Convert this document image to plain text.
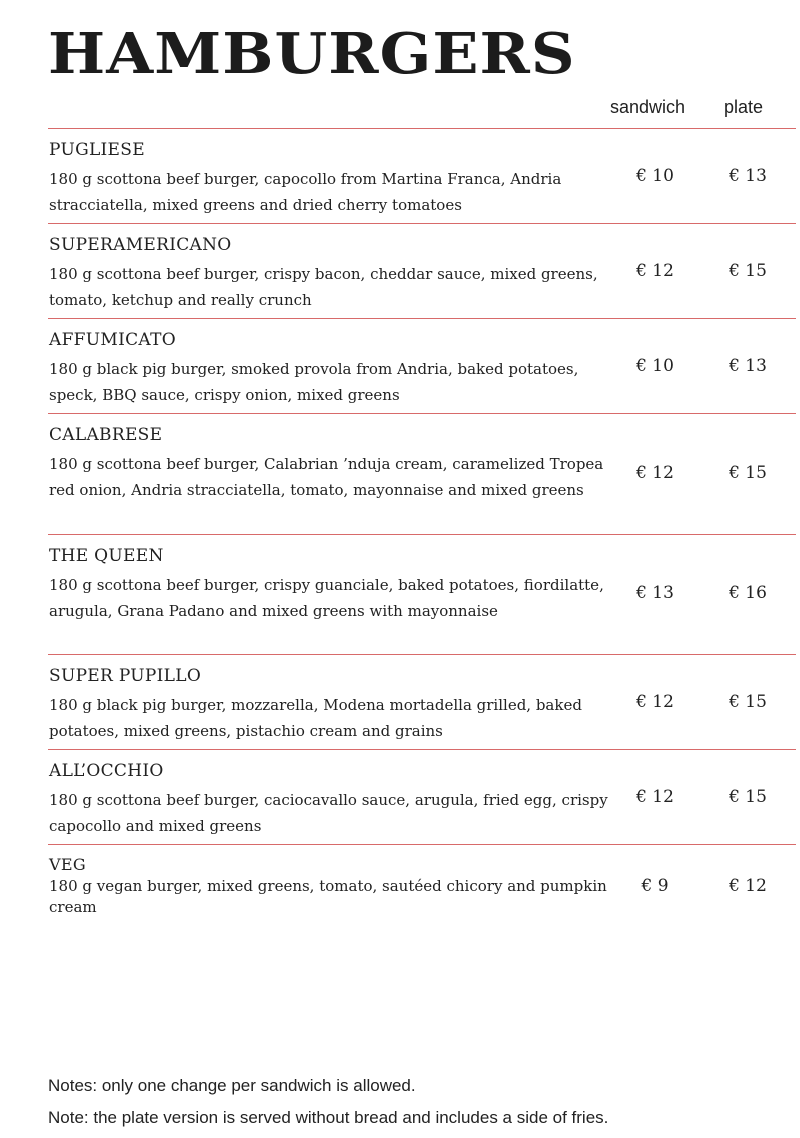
HAMBURGERS
sandwich plate
PUGLIESE
180 g scottona beef burger, capocollo from Martina Franca, Andria stracciatella, mixed greens and dried cherry tomatoes
€ 10	€ 13
SUPERAMERICANO
180 g scottona beef burger, crispy bacon, cheddar sauce, mixed greens, tomato, ketchup and really crunch
€ 12	€ 15
AFFUMICATO
180 g black pig burger, smoked provola from Andria, baked potatoes, speck, BBQ sauce, crispy onion, mixed greens
€ 10	€ 13
CALABRESE
180 g scottona beef burger, Calabrian ’nduja cream, caramelized Tropea red onion, Andria stracciatella, tomato, mayonnaise and mixed greens
€ 12	€ 15
THE QUEEN
180 g scottona beef burger, crispy guanciale, baked potatoes, fiordilatte, arugula, Grana Padano and mixed greens with mayonnaise
€ 13	€ 16
SUPER PUPILLO
180 g black pig burger, mozzarella, Modena mortadella grilled, baked potatoes, mixed greens, pistachio cream and grains
€ 12	€ 15
ALL’OCCHIO
180 g scottona beef burger, caciocavallo sauce, arugula, fried egg, crispy capocollo and mixed greens
€ 12	€ 15
VEG
180 g vegan burger, mixed greens, tomato, sautéed chicory and pumpkin cream
€ 9	€ 12
Notes: only one change per sandwich is allowed.
Note: the plate version is served without bread and includes a side of fries.
